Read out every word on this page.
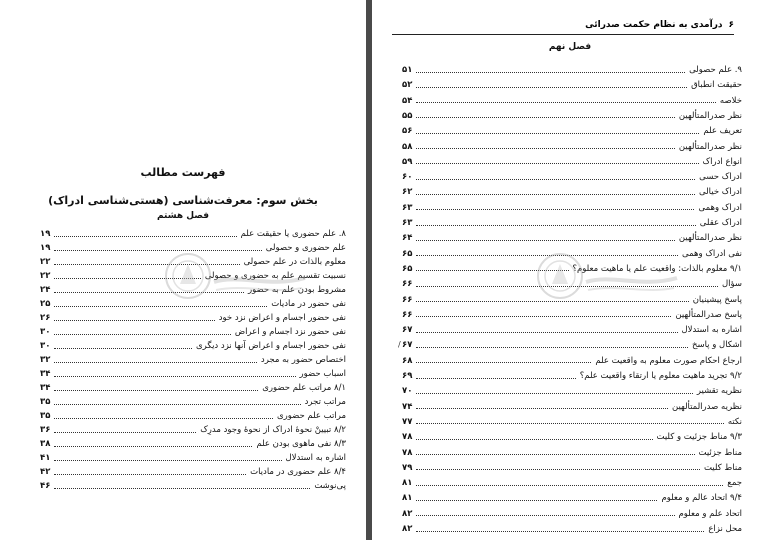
فهرست مطالب
بخش سوم: معرفت‌شناسی (هستی‌شناسی ادراک)
فصل هشتم
۸. علم حضوری یا حقیقت علم
۱۹
علم حضوری و حصولی
۱۹
معلوم بالذات در علم حصولی
۲۲
نسبیت تقسیم علم به حضوری و حصولی
۲۲
مشروط بودن علم به حضور
۲۴
نفی حضور در ماديات
۲۵
نفی حضور اجسام و اعراض نزد خود
۲۶
نفی حضور نزد اجسام و اعراض
۳۰
نفی حضور اجسام و اعراض آنها نزد دیگری
۳۰
اختصاص حضور به مجرد
۳۲
اسباب حضور
۳۴
۸/۱ مراتب علم حضوری
۳۴
مراتب تجرد
۳۵
مراتب علم حضوری
۳۵
۸/۲ تبیینْ نحوهٔ ادراک از نحوهٔ وجود مدرِک
۳۶
۸/۳ نفی ماهوی بودن علم
۳۸
اشاره به استدلال
۴۱
۸/۴ علم حضوری در ماديات
۴۲
پی‌نوشت
۴۶
۶
درآمدی به نظام حکمت صدرائی
فصل نهم
۹. علم حصولی
۵۱
حقیقت انطباق
۵۲
خلاصه
۵۴
نظر صدرالمتألهین
۵۵
تعریف علم
۵۶
نظر صدرالمتألهین
۵۸
انواع ادراک
۵۹
ادراک حسی
۶۰
ادراک خیالی
۶۲
ادراک وهمی
۶۳
ادراک عقلی
۶۳
نظر صدرالمتألهین
۶۴
نفی ادراک وهمی
۶۵
۹/۱ معلوم بالذات: واقعیت علم یا ماهیت معلوم؟
۶۵
سؤال
۶۶
پاسخ پیشینیان
۶۶
پاسخ صدرالمتألهین
۶۶
اشاره به استدلال
۶۷
اشکال و پاسخ
۶۷
ارجاع احکام صورت معلوم به واقعیت علم
۶۸
۹/۲ تجرید ماهیت معلوم یا ارتقاء واقعیت علم؟
۶۹
نظریه تقشیر
۷۰
نظریه صدرالمتألهین
۷۴
نکته
۷۷
۹/۳ مناط جزئیت و کلیت
۷۸
مناط جزئیت
۷۸
مناط کلیت
۷۹
جمع
۸۱
۹/۴ اتحاد عالم و معلوم
۸۱
اتحاد علم و معلوم
۸۲
محل نزاع
۸۲
/
